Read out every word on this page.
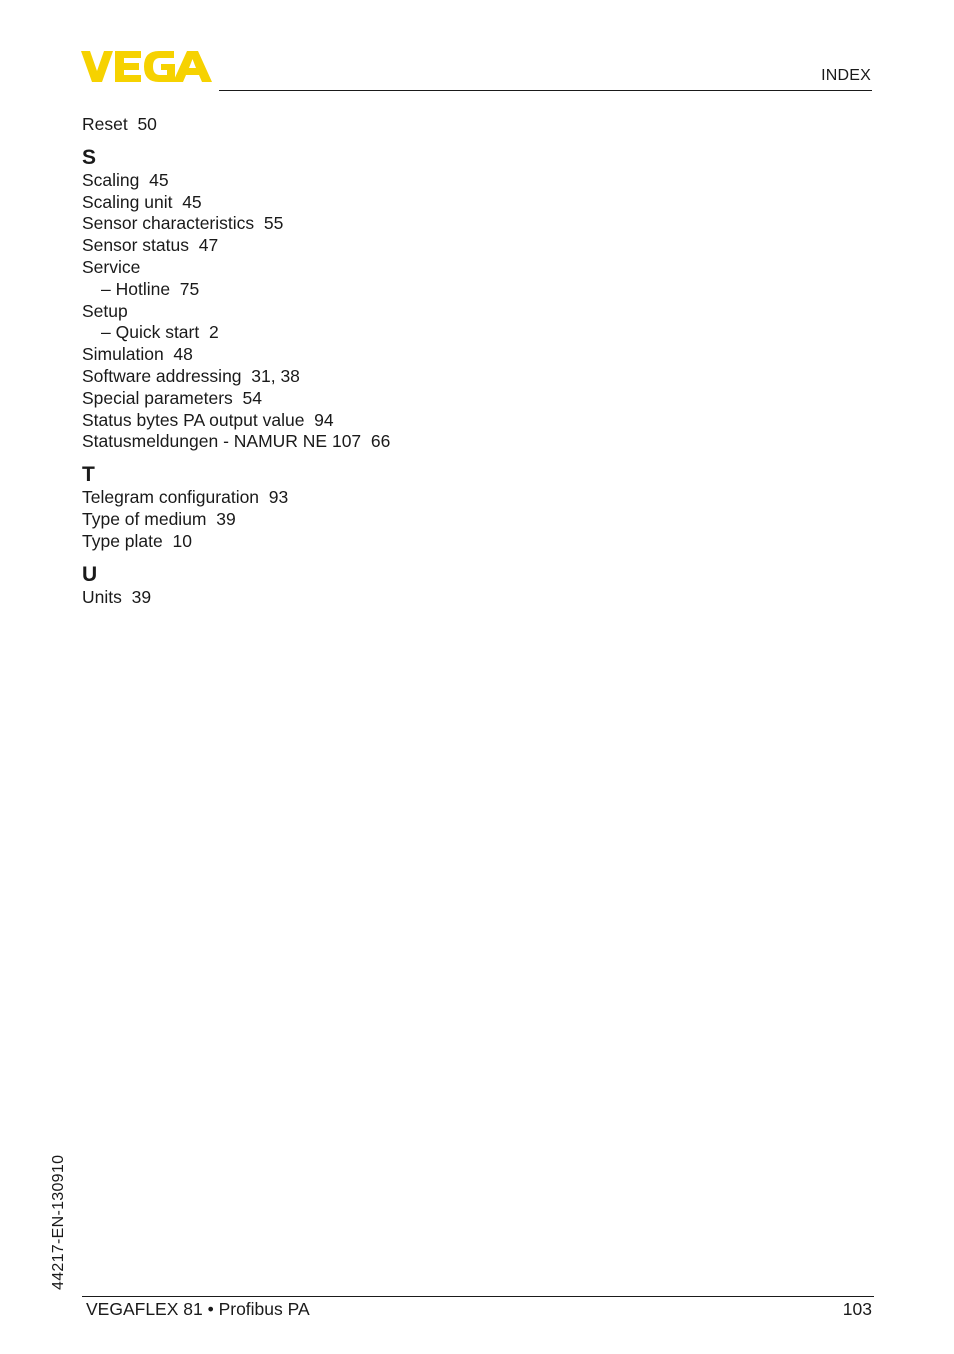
INDEX
Reset  50
S
Scaling  45
Scaling unit  45
Sensor characteristics  55
Sensor status  47
Service
– Hotline  75
Setup
– Quick start  2
Simulation  48
Software addressing  31, 38
Special parameters  54
Status bytes PA output value  94
Statusmeldungen - NAMUR NE 107  66
T
Telegram configuration  93
Type of medium  39
Type plate  10
U
Units  39
44217-EN-130910
VEGAFLEX 81 • Profibus PA	103
